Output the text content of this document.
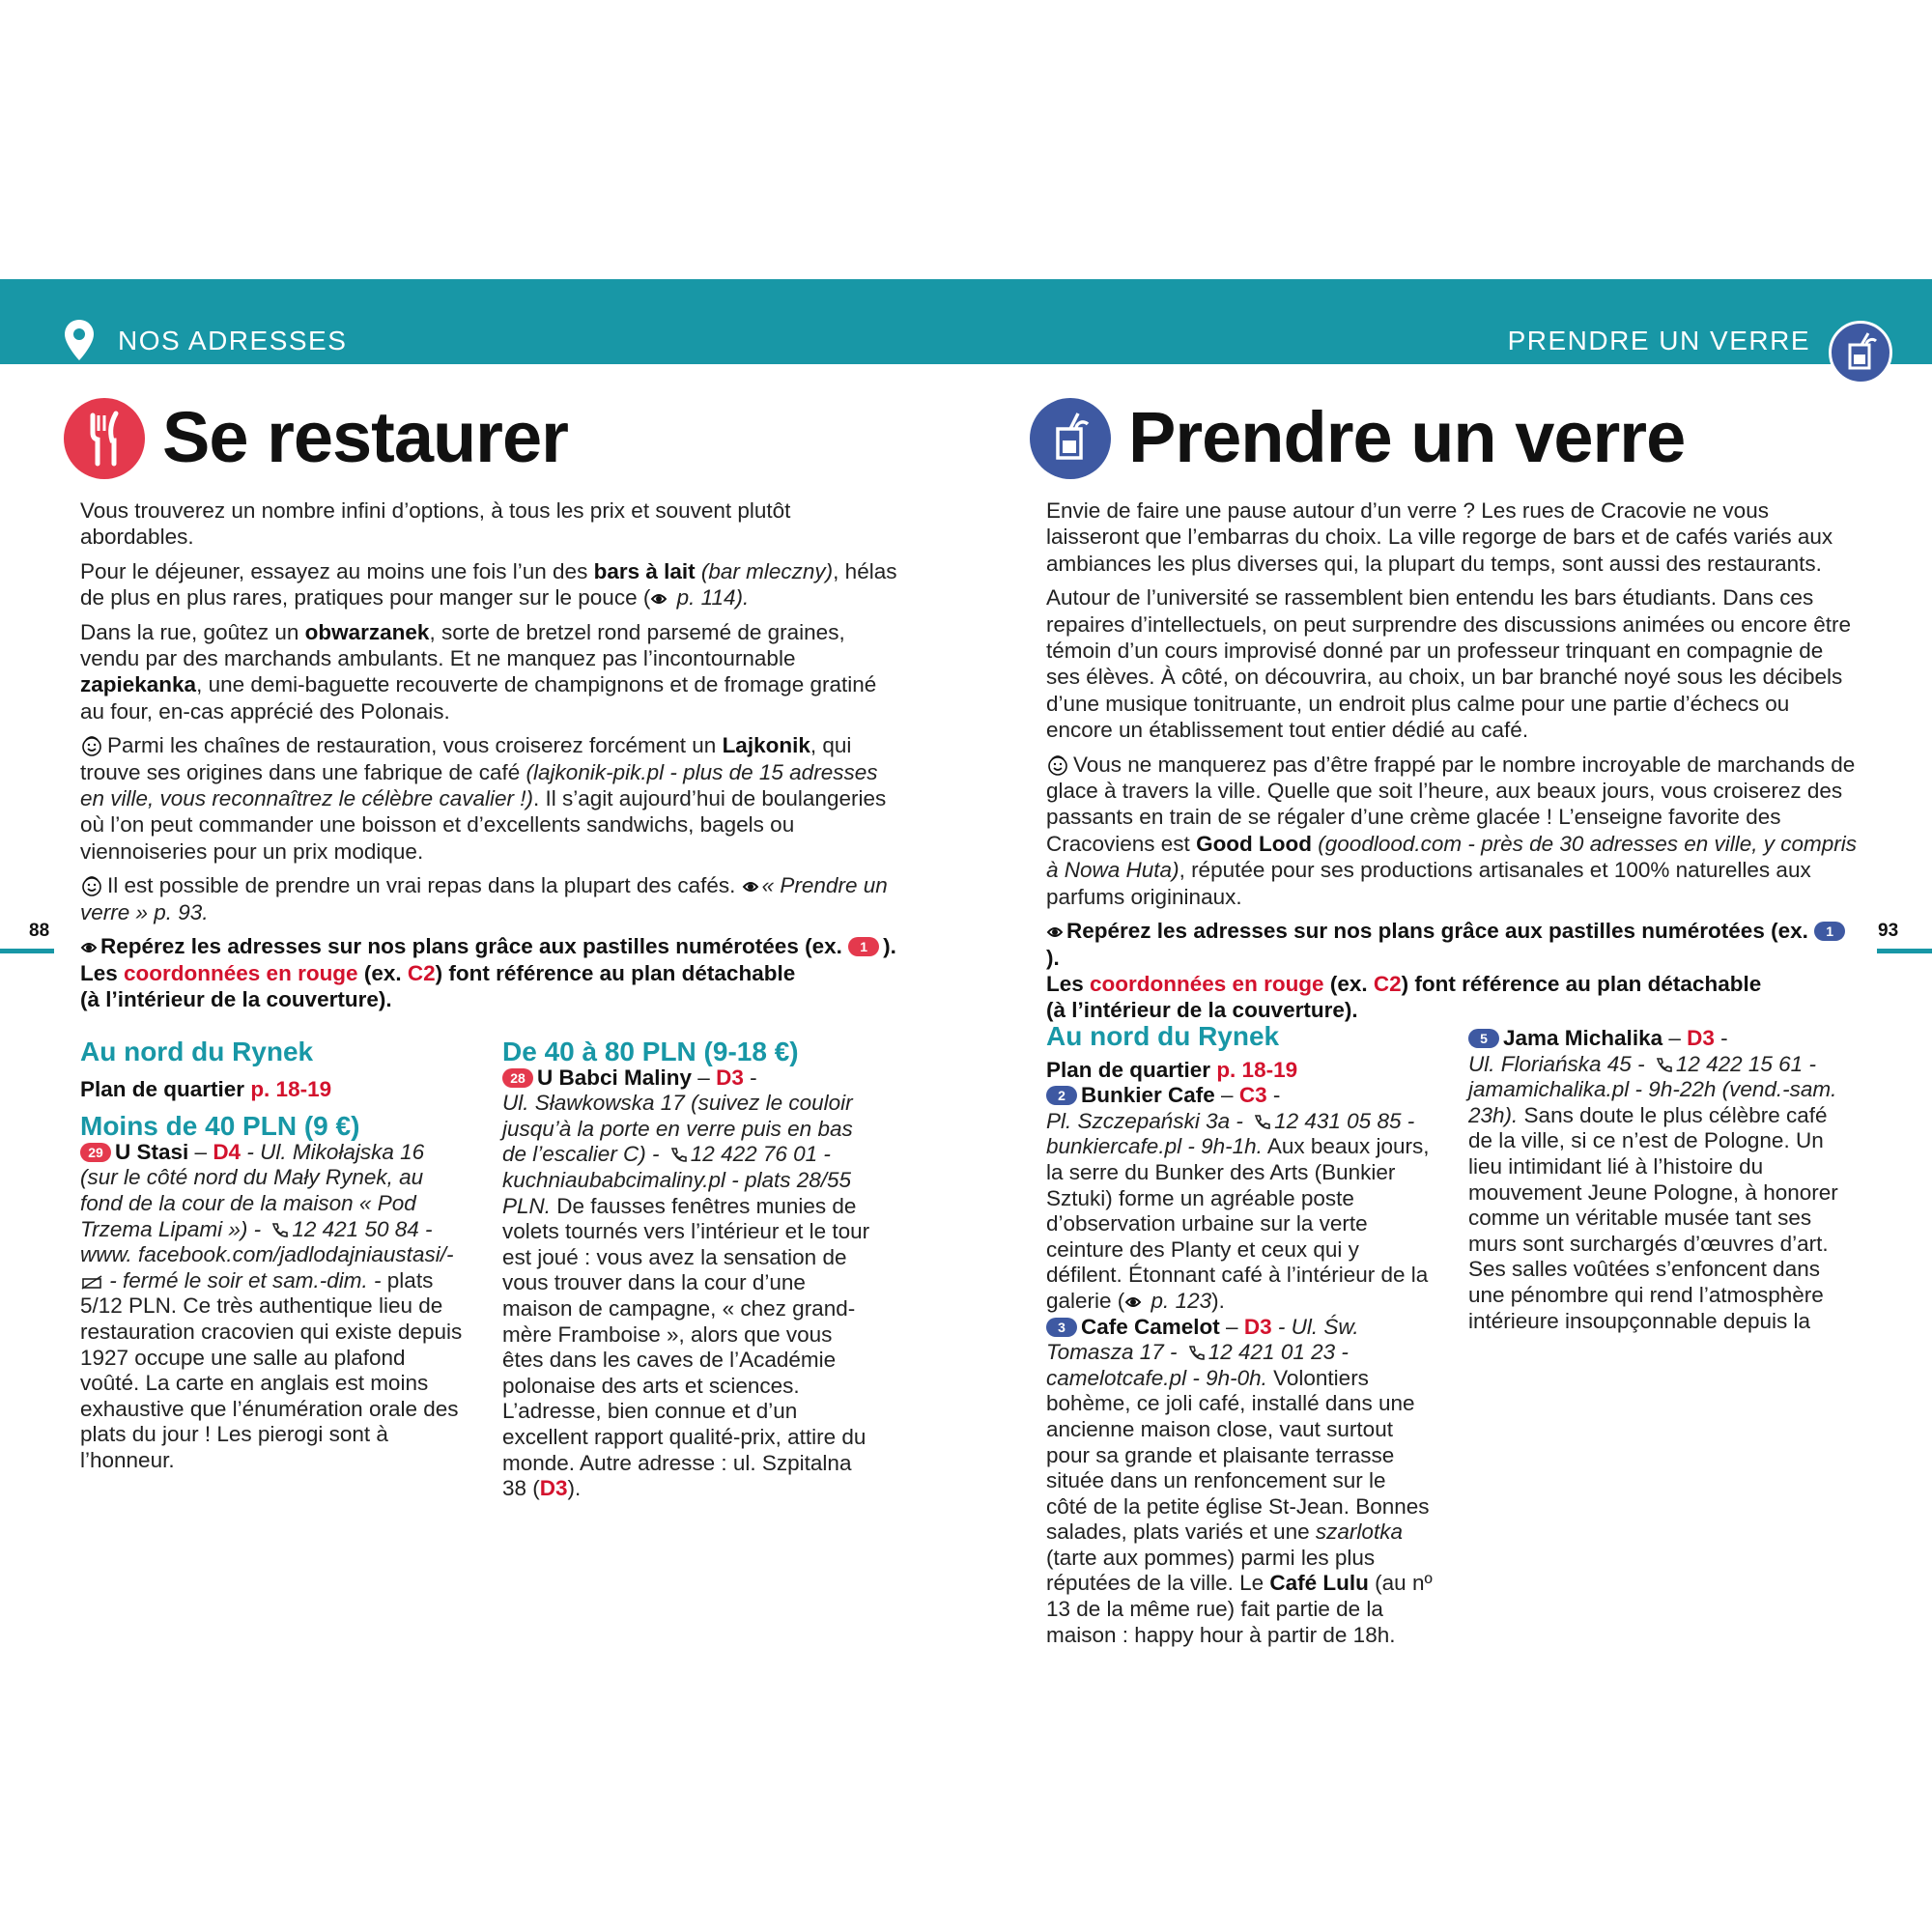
NOS ADRESSES	PRENDRE UN VERRE
Se restaurer

Vous trouverez un nombre infini d’options, à tous les prix et souvent plutôt abordables.

Pour le déjeuner, essayez au moins une fois l’un des bars à lait (bar mleczny), hélas de plus en plus rares, pratiques pour manger sur le pouce ( p. 114).

Dans la rue, goûtez un obwarzanek, sorte de bretzel rond parsemé de graines, vendu par des marchands ambulants. Et ne manquez pas l’incontournable zapiekanka, une demi-baguette recouverte de champignons et de fromage gratiné au four, en-cas apprécié des Polonais.

Parmi les chaînes de restauration, vous croiserez forcément un Lajkonik, qui trouve ses origines dans une fabrique de café (lajkonik-pik.pl - plus de 15 adresses en ville, vous reconnaîtrez le célèbre cavalier !). Il s’agit aujourd’hui de boulangeries où l’on peut commander une boisson et d’excellents sandwichs, bagels ou viennoiseries pour un prix modique.

Il est possible de prendre un vrai repas dans la plupart des cafés. « Prendre un verre » p. 93.

Repérez les adresses sur nos plans grâce aux pastilles numérotées (ex. 1 ).
Les coordonnées en rouge (ex. C2) font référence au plan détachable
(à l’intérieur de la couverture).
88

Au nord du Rynek

Plan de quartier p. 18-19

Moins de 40 PLN (9 €)

29 U Stasi – D4 - Ul. Mikołajska 16 (sur le côté nord du Mały Rynek, au fond de la cour de la maison « Pod Trzema Lipami ») - 12 421 50 84 -www. facebook.com/jadlodajniaustasi/-  - fermé le soir et sam.-dim. - plats 5/12 PLN. Ce très authentique lieu de restauration cracovien qui existe depuis 1927 occupe une salle au plafond voûté. La carte en anglais est moins exhaustive que l’énumération orale des plats du jour ! Les pierogi sont à l’honneur.

De 40 à 80 PLN (9-18 €)

28 U Babci Maliny – D3 -
Ul. Sławkowska 17 (suivez le couloir jusqu’à la porte en verre puis en bas de l’escalier C) - 12 422 76 01 - kuchniaubabcimaliny.pl - plats 28/55 PLN. De fausses fenêtres munies de volets tournés vers l’intérieur et le tour est joué : vous avez la sensation de vous trouver dans la cour d’une maison de campagne, « chez grand-mère Framboise », alors que vous êtes dans les caves de l’Académie polonaise des arts et sciences. L’adresse, bien connue et d’un excellent rapport qualité-prix, attire du monde. Autre adresse : ul. Szpitalna 38 (D3).

Prendre un verre

Envie de faire une pause autour d’un verre ? Les rues de Cracovie ne vous laisseront que l’embarras du choix. La ville regorge de bars et de cafés variés aux ambiances les plus diverses qui, la plupart du temps, sont aussi des restaurants.

Autour de l’université se rassemblent bien entendu les bars étudiants. Dans ces repaires d’intellectuels, on peut surprendre des discussions animées ou encore être témoin d’un cours improvisé donné par un professeur trinquant en compagnie de ses élèves. À côté, on découvrira, au choix, un bar branché noyé sous les décibels d’une musique tonitruante, un endroit plus calme pour une partie d’échecs ou encore un établissement tout entier dédié au café.

Vous ne manquerez pas d’être frappé par le nombre incroyable de marchands de glace à travers la ville. Quelle que soit l’heure, aux beaux jours, vous croiserez des passants en train de se régaler d’une crème glacée ! L’enseigne favorite des Cracoviens est Good Lood (goodlood.com - près de 30 adresses en ville, y compris à Nowa Huta), réputée pour ses productions artisanales et 100% naturelles aux parfums origininaux.

Repérez les adresses sur nos plans grâce aux pastilles numérotées (ex. 1).
Les coordonnées en rouge (ex. C2) font référence au plan détachable
(à l’intérieur de la couverture).
93

Au nord du Rynek

Plan de quartier p. 18-19

2 Bunkier Cafe – C3 -
Pl. Szczepański 3a - 12 431 05 85 - bunkiercafe.pl - 9h-1h. Aux beaux jours, la serre du Bunker des Arts (Bunkier Sztuki) forme un agréable poste d’observation urbaine sur la verte ceinture des Planty et ceux qui y défilent. Étonnant café à l’intérieur de la galerie ( p. 123).

3 Cafe Camelot – D3 - Ul. Św. Tomasza 17 - 12 421 01 23 - camelotcafe.pl - 9h-0h. Volontiers bohème, ce joli café, installé dans une ancienne maison close, vaut surtout pour sa grande et plaisante terrasse située dans un renfoncement sur le côté de la petite église St-Jean. Bonnes salades, plats variés et une szarlotka (tarte aux pommes) parmi les plus réputées de la ville. Le Café Lulu (au nº 13 de la même rue) fait partie de la maison : happy hour à partir de 18h.

5 Jama Michalika – D3 -
Ul. Floriańska 45 - 12 422 15 61 - jamamichalika.pl - 9h-22h (vend.-sam. 23h). Sans doute le plus célèbre café de la ville, si ce n’est de Pologne. Un lieu intimidant lié à l’histoire du mouvement Jeune Pologne, à honorer comme un véritable musée tant ses murs sont surchargés d’œuvres d’art. Ses salles voûtées s’enfoncent dans une pénombre qui rend l’atmosphère intérieure insoupçonnable depuis la
